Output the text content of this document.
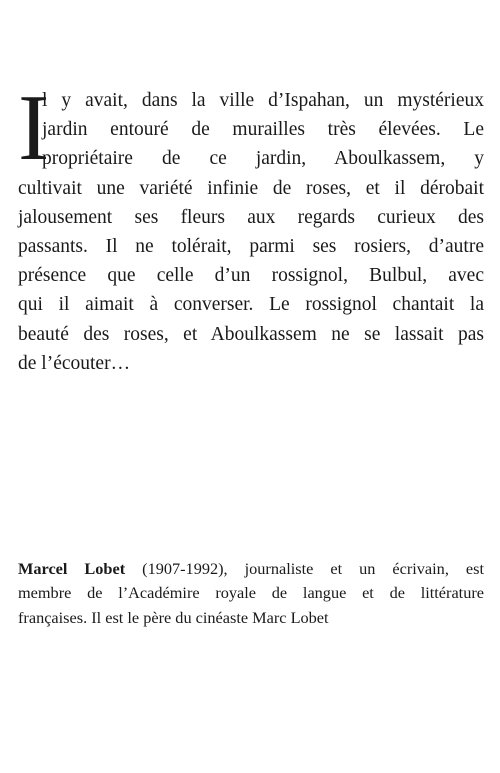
I
l y avait, dans la ville d’Ispahan, un mystérieux
jardin entouré de murailles très élevées. Le
propriétaire de ce jardin, Aboulkassem, y
cultivait une variété infinie de roses, et il dérobait
jalousement ses fleurs aux regards curieux des
passants. Il ne tolérait, parmi ses rosiers, d’autre
présence que celle d’un rossignol, Bulbul, avec
qui il aimait à converser. Le rossignol chantait la
beauté des roses, et Aboulkassem ne se lassait pas
de l’écouter…
Marcel Lobet (1907-1992), journaliste et un écrivain, est
membre de l’Académire royale de langue et de littérature
françaises. Il est le père du cinéaste Marc Lobet
